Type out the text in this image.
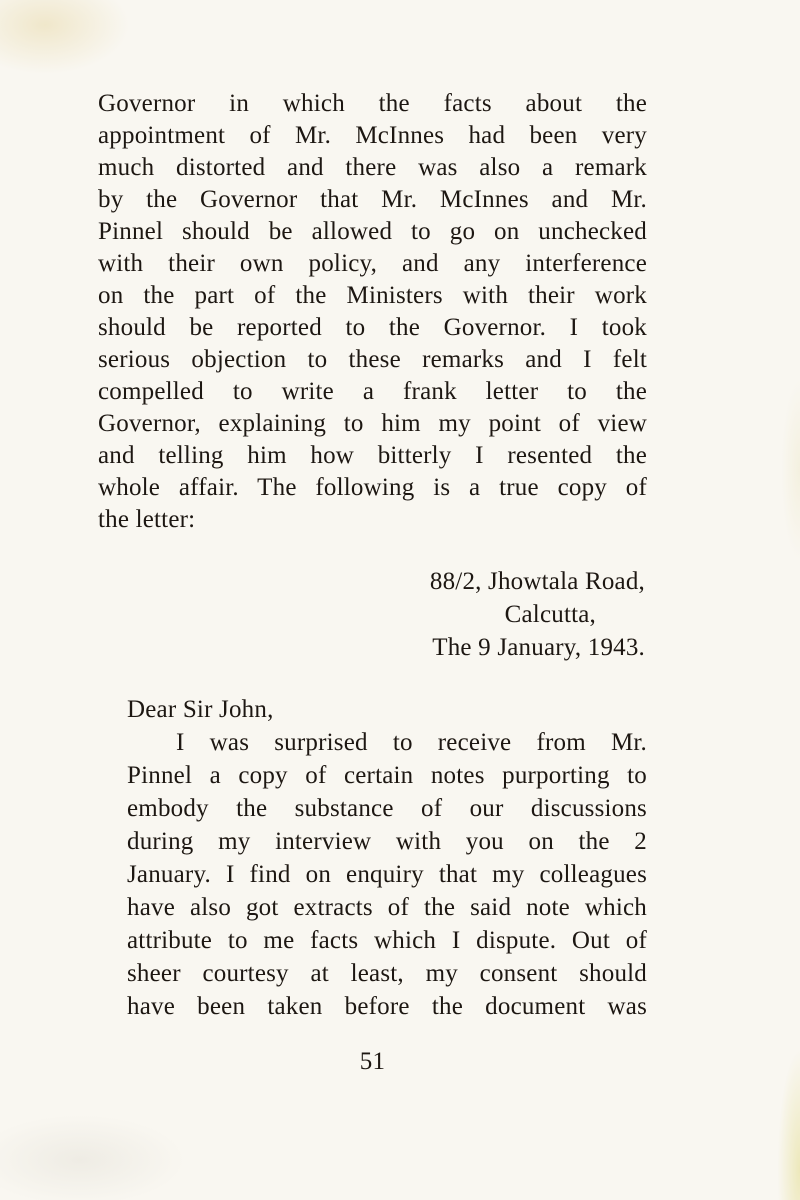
Governor in which the facts about the
appointment of Mr. McInnes had been very
much distorted and there was also a remark
by the Governor that Mr. McInnes and Mr.
Pinnel should be allowed to go on unchecked
with their own policy, and any interference
on the part of the Ministers with their work
should be reported to the Governor. I took
serious objection to these remarks and I felt
compelled to write a frank letter to the
Governor, explaining to him my point of view
and telling him how bitterly I resented the
whole affair. The following is a true copy of
the letter:
88/2, Jhowtala Road,
Calcutta,
The 9 January, 1943.
Dear Sir John,
I was surprised to receive from Mr.
Pinnel a copy of certain notes purporting to
embody the substance of our discussions
during my interview with you on the 2
January. I find on enquiry that my colleagues
have also got extracts of the said note which
attribute to me facts which I dispute. Out of
sheer courtesy at least, my consent should
have been taken before the document was
51
